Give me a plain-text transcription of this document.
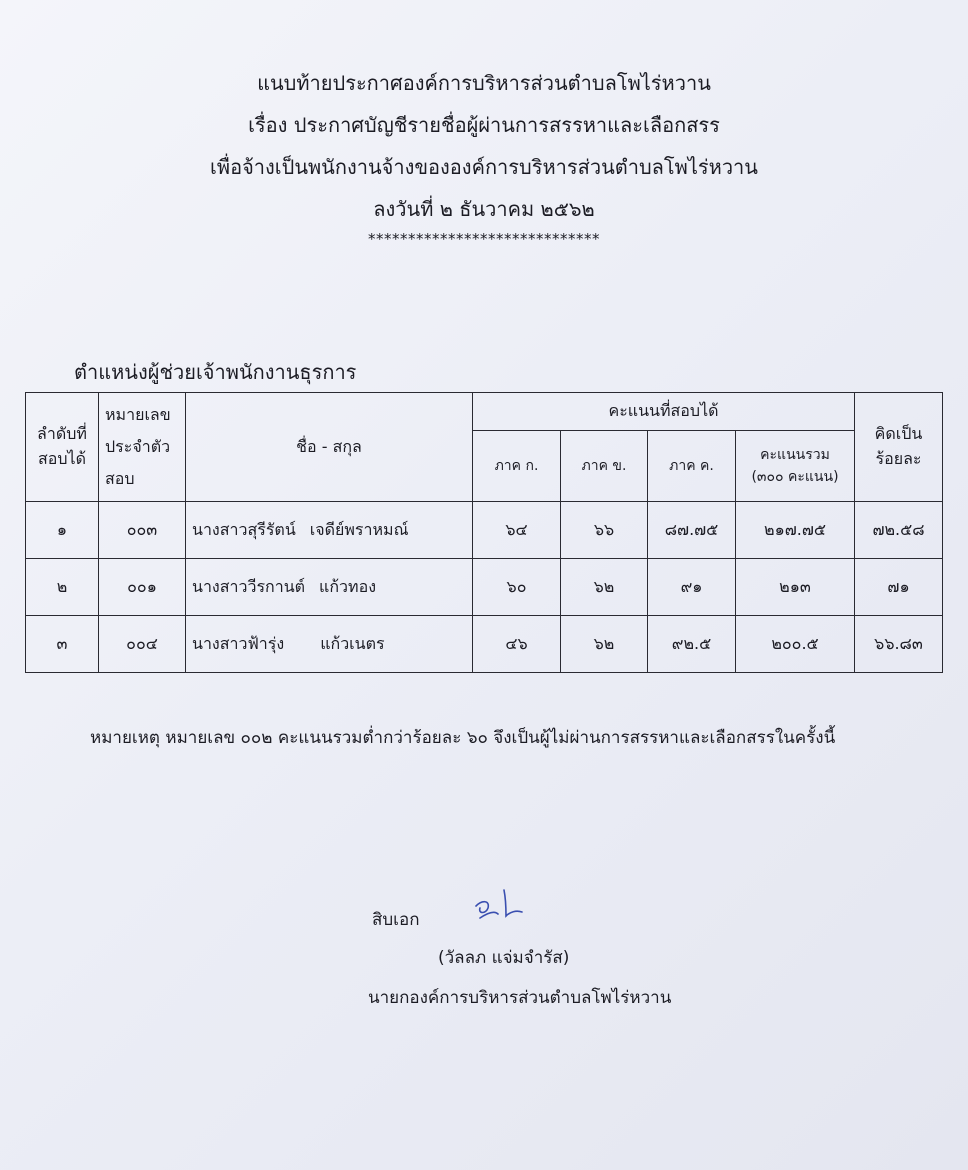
แนบท้ายประกาศองค์การบริหารส่วนตำบลโพไร่หวาน
เรื่อง ประกาศบัญชีรายชื่อผู้ผ่านการสรรหาและเลือกสรร
เพื่อจ้างเป็นพนักงานจ้างขององค์การบริหารส่วนตำบลโพไร่หวาน
ลงวันที่ ๒ ธันวาคม ๒๕๖๒
*****************************
ตำแหน่งผู้ช่วยเจ้าพนักงานธุรการ
ลำดับที่สอบได้	หมายเลขประจำตัวสอบ	ชื่อ - สกุล	คะแนนที่สอบได้				คิดเป็นร้อยละ
			ภาค ก.	ภาค ข.	ภาค ค.	คะแนนรวม (๓๐๐ คะแนน)	
๑	๐๐๓	นางสาวสุรีรัตน์ เจดีย์พราหมณ์	๖๔	๖๖	๘๗.๗๕	๒๑๗.๗๕	๗๒.๕๘
๒	๐๐๑	นางสาววีรกานต์ แก้วทอง	๖๐	๖๒	๙๑	๒๑๓	๗๑
๓	๐๐๔	นางสาวฟ้ารุ่ง แก้วเนตร	๔๖	๖๒	๙๒.๕	๒๐๐.๕	๖๖.๘๓
หมายเหตุ หมายเลข ๐๐๒ คะแนนรวมต่ำกว่าร้อยละ ๖๐ จึงเป็นผู้ไม่ผ่านการสรรหาและเลือกสรรในครั้งนี้
สิบเอก
(วัลลภ แจ่มจำรัส)
นายกองค์การบริหารส่วนตำบลโพไร่หวาน
